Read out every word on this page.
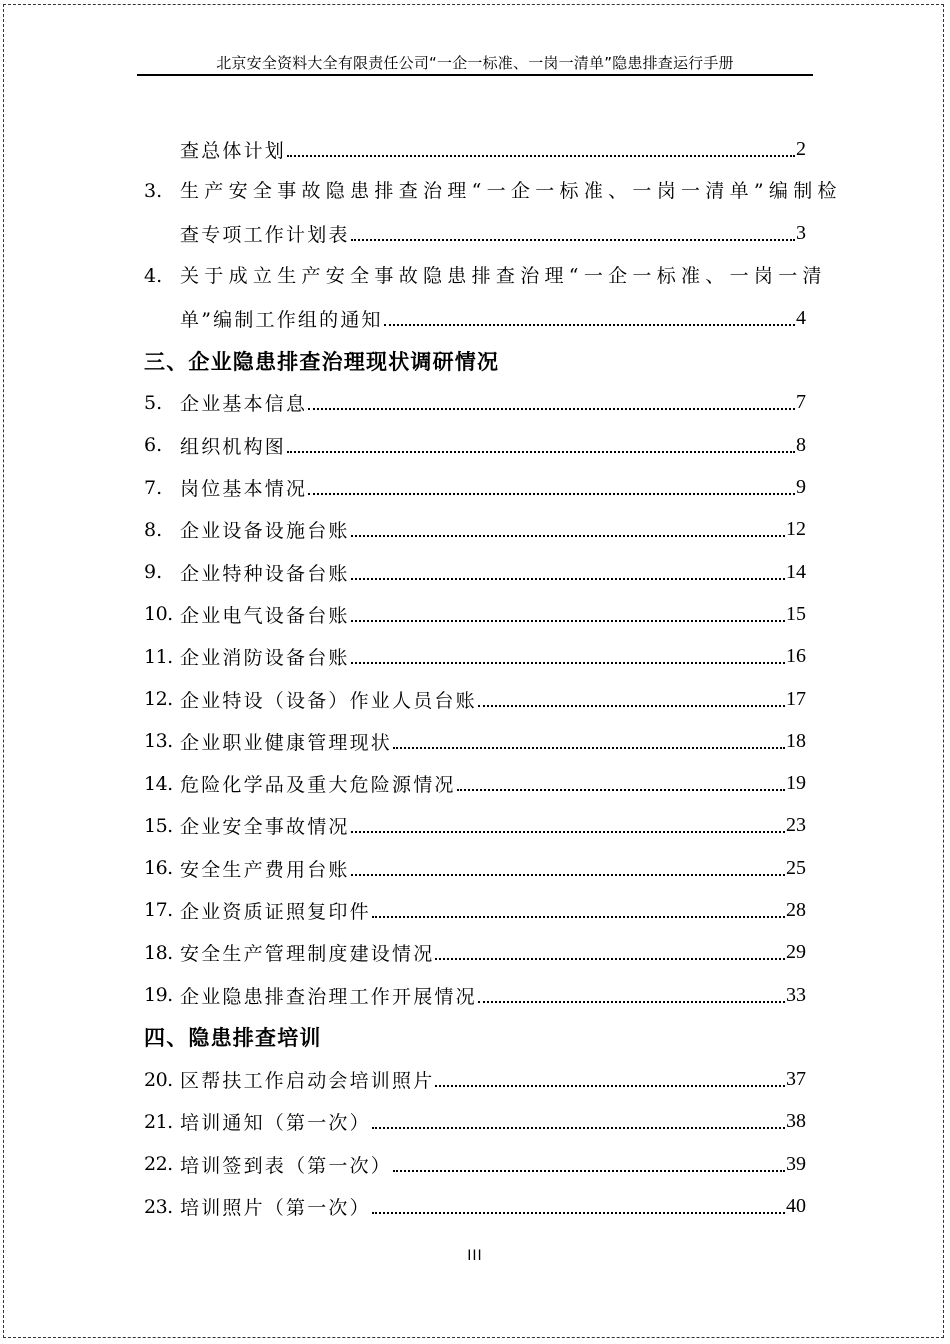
北京安全资料大全有限责任公司“一企一标准、一岗一清单”隐患排查运行手册
查总体计划	2
3. 生产安全事故隐患排查治理“一企一标准、一岗一清单”编制检
查专项工作计划表	3
4. 关于成立生产安全事故隐患排查治理“一企一标准、一岗一清
单”编制工作组的通知	4
三、企业隐患排查治理现状调研情况
5. 企业基本信息	7
6. 组织机构图	8
7. 岗位基本情况	9
8. 企业设备设施台账	12
9. 企业特种设备台账	14
10. 企业电气设备台账	15
11. 企业消防设备台账	16
12. 企业特设（设备）作业人员台账	17
13. 企业职业健康管理现状	18
14. 危险化学品及重大危险源情况	19
15. 企业安全事故情况	23
16. 安全生产费用台账	25
17. 企业资质证照复印件	28
18. 安全生产管理制度建设情况	29
19. 企业隐患排查治理工作开展情况	33
四、隐患排查培训
20. 区帮扶工作启动会培训照片	37
21. 培训通知（第一次）	38
22. 培训签到表（第一次）	39
23. 培训照片（第一次）	40
III
